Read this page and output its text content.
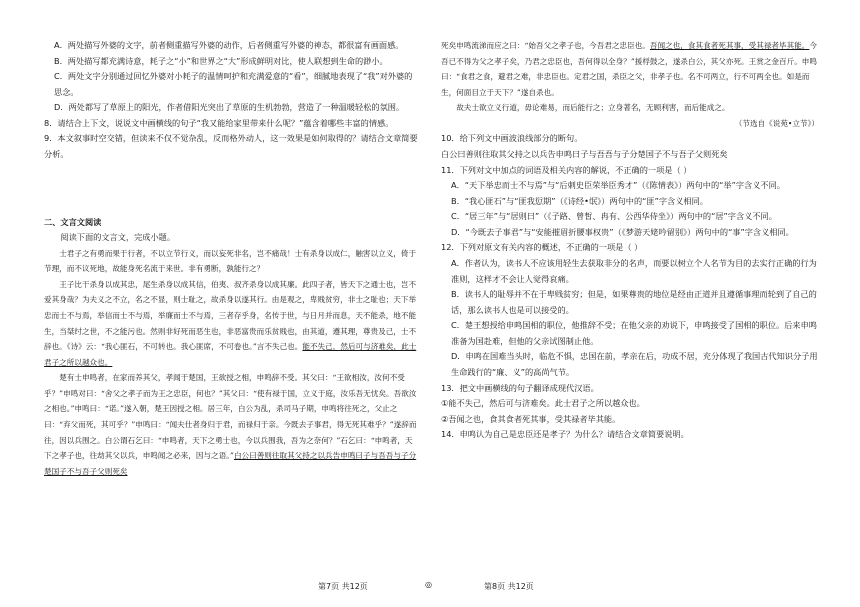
A．两处描写外婆的文字，前者侧重描写外婆的动作，后者侧重写外婆的神态，都很富有画面感。

B．两处描写都充满诗意，耗子之“小”和世界之“大”形成鲜明对比，使人联想到生命的渺小。

C．两处文字分别通过回忆外婆对小耗子的温情呵护和充满爱意的“看”，细腻地表现了“我”对外婆的思念。

D．两处都写了草原上的阳光，作者借阳光突出了草原的生机勃勃，营造了一种温暖轻松的氛围。

8．请结合上下文，说说文中画横线的句子“我又能给家里带来什么呢？”蕴含着哪些丰富的情感。

9．本文叙事时空交错，但读来不仅不觉杂乱，反而格外动人，这一效果是如何取得的？请结合文章简要分析。

二、文言文阅读

阅读下面的文言文，完成小题。

士君子之有勇而果于行者，不以立节行义，而以妄死非名，岂不痛哉！士有杀身以成仁，触害以立义，倚于节理，而不议死地，故能身死名流于来世。非有勇断，孰能行之？

王子比干杀身以成其忠，尾生杀身以成其信，伯夷、叔齐杀身以成其廉。此四子者，皆天下之通士也，岂不爱其身哉？为夫义之不立，名之不显，则士耻之，故杀身以遂其行。由是观之，卑贱贫穷，非士之耻也；天下举忠而士不与焉，举信而士不与焉，举廉而士不与焉，三者存乎身，名传于世，与日月并而息，天不能杀，地不能生，当桀纣之世，不之能污也。然则非好死而恶生也，非恶富贵而乐贫贱也，由其道，遵其理，尊贵及己，士不辞也。《诗》云：“我心匪石，不可转也。我心匪席，不可卷也。”言不失己也。能不失己，然后可与济难矣，此士君子之所以越众也。

楚有士申鸣者，在家而养其父，孝闻于楚国，王欲授之相，申鸣辞不受。其父曰：“王欲相汝，汝何不受乎？”申鸣对曰：“舍父之孝子而为王之忠臣，何也？”其父曰：“使有禄于国，立义于庭，汝乐吾无忧矣。吾欲汝之相也。”申鸣曰：“诺。”遂入朝，楚王因授之相。居三年，白公为乱，杀司马子期，申鸣将往死之，父止之曰：“弃父而死，其可乎？”申鸣曰：“闻夫仕者身归于君，而禄归于亲。今既去子事君，得无死其难乎？”遂辞而往，因以兵围之。白公谓石乞曰：“申鸣者，天下之勇士也，今以兵围我，吾为之奈何？”石乞曰：“申鸣者，天下之孝子也，往劫其父以兵，申鸣闻之必来，因与之语。”白公曰善则往取其父持之以兵告申鸣曰子与吾吾与子分楚国子不与吾子父则死矣

死矣申鸣流涕而应之曰：“始吾父之孝子也，今吾君之忠臣也。吾闻之也，食其食者死其事，受其禄者毕其能。今吾已不得为父之孝子矣，乃君之忠臣也，吾何得以全身？”援桴鼓之，遂杀白公，其父亦死。王赏之金百斤。申鸣曰：“食君之食，避君之难，非忠臣也。定君之国，杀臣之父，非孝子也。名不可两立，行不可两全也。如是而生，何面目立于天下？”遂自杀也。

故夫士欲立义行道，毋论难易，而后能行之；立身著名，无顾利害，而后能成之。

（节选自《说苑•立节》）

10．给下列文中画波浪线部分的断句。

白公曰善则往取其父持之以兵告申鸣曰子与吾吾与子分楚国子不与吾子父则死矣

11．下列对文中加点的词语及相关内容的解说，不正确的一项是（ ）

A．“天下举忠而士不与焉”与“后刺史臣荣举臣秀才”（《陈情表》）两句中的“举”字含义不同。

B．“我心匪石”与“匪我愆期”（《诗经•氓》）两句中的“匪”字含义相同。

C．“居三年”与“居则曰”（《子路、曾皙、冉有、公西华侍坐》）两句中的“居”字含义不同。

D．“今既去子事君”与“安能摧眉折腰事权贵”（《梦游天姥吟留别》）两句中的“事”字含义相同。

12．下列对原文有关内容的概述，不正确的一项是（ ）

A．作者认为，读书人不应该用轻生去获取非分的名声，而要以树立个人名节为目的去实行正确的行为准则，这样才不会让人觉得哀痛。

B．读书人的耻辱并不在于卑贱贫穷；但是，如果尊贵的地位是经由正道并且遵循事理而轮到了自己的话，那么读书人也是可以接受的。

C．楚王想授给申鸣国相的职位，他推辞不受；在他父亲的劝说下，申鸣接受了国相的职位。后来申鸣准备为国赴难，但他的父亲试图制止他。

D．申鸣在国难当头时，临危不惧，忠国在前，孝亲在后，功成不居，充分体现了我国古代知识分子用生命践行的“廉、义”的高尚气节。

13．把文中画横线的句子翻译成现代汉语。

①能不失己，然后可与济难矣。此士君子之所以越众也。

②吾闻之也，食其食者死其事，受其禄者毕其能。

14．申鸣认为自己是忠臣还是孝子？为什么？请结合文章简要说明。

第7页 共12页	◎	第8页 共12页
